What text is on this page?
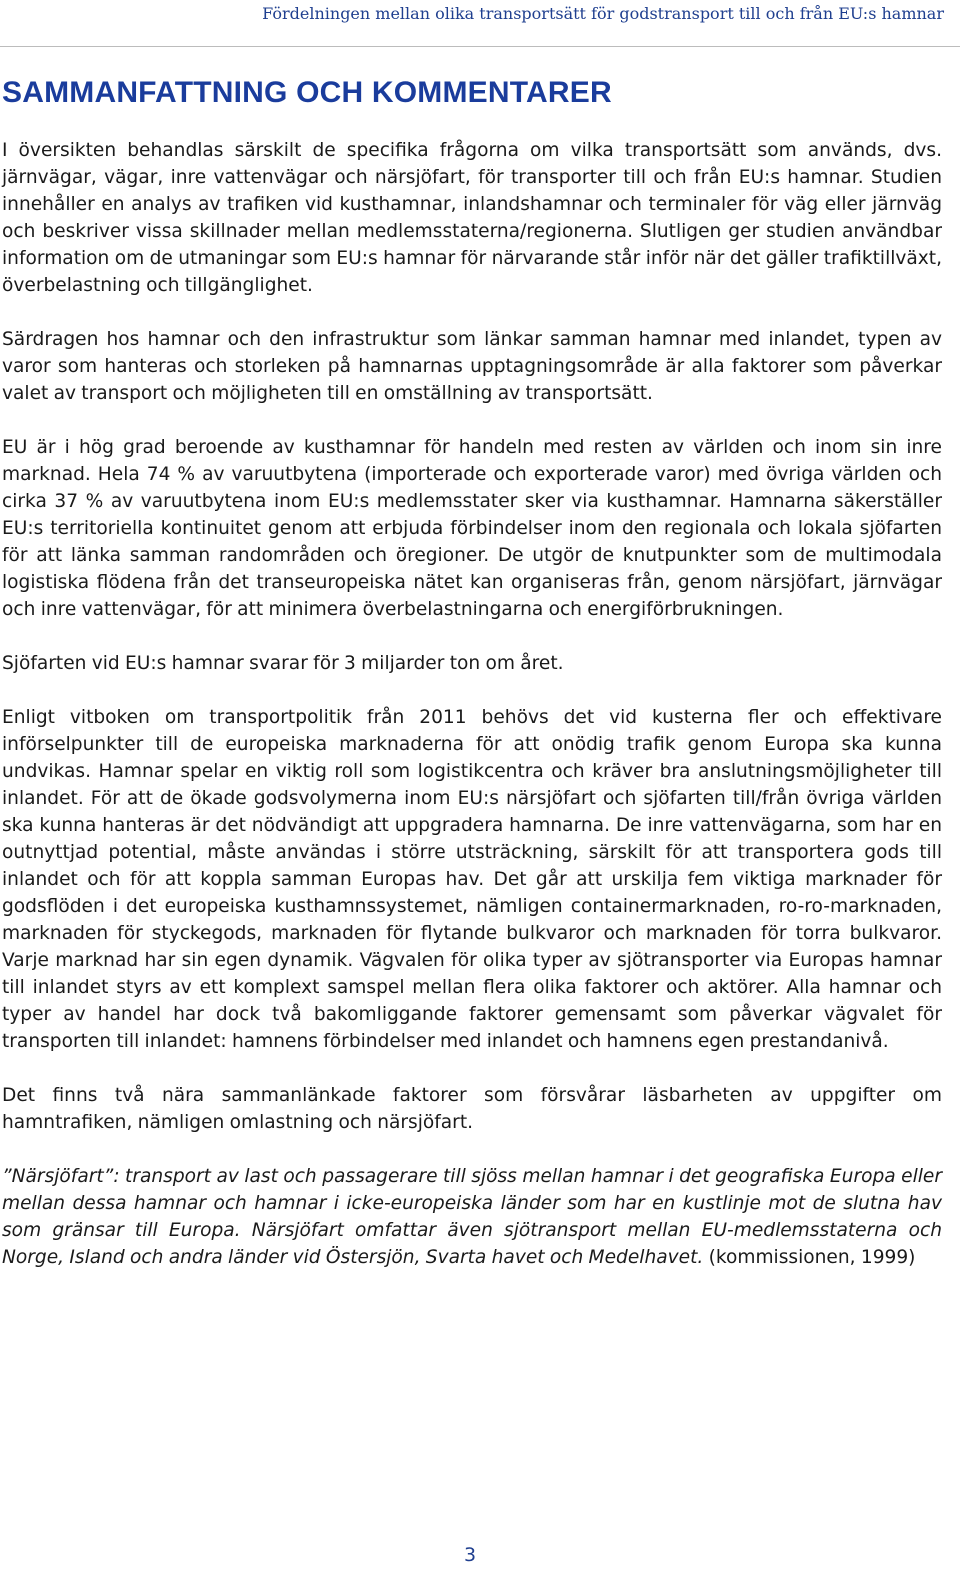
Fördelningen mellan olika transportsätt för godstransport till och från EU:s hamnar
SAMMANFATTNING OCH KOMMENTARER

I översikten behandlas särskilt de specifika frågorna om vilka transportsätt som används, dvs. järnvägar, vägar, inre vattenvägar och närsjöfart, för transporter till och från EU:s hamnar. Studien innehåller en analys av trafiken vid kusthamnar, inlandshamnar och terminaler för väg eller järnväg och beskriver vissa skillnader mellan medlemsstaterna/regionerna. Slutligen ger studien användbar information om de utmaningar som EU:s hamnar för närvarande står inför när det gäller trafiktillväxt, överbelastning och tillgänglighet.

Särdragen hos hamnar och den infrastruktur som länkar samman hamnar med inlandet, typen av varor som hanteras och storleken på hamnarnas upptagningsområde är alla faktorer som påverkar valet av transport och möjligheten till en omställning av transportsätt.

EU är i hög grad beroende av kusthamnar för handeln med resten av världen och inom sin inre marknad. Hela 74 % av varuutbytena (importerade och exporterade varor) med övriga världen och cirka 37 % av varuutbytena inom EU:s medlemsstater sker via kusthamnar. Hamnarna säkerställer EU:s territoriella kontinuitet genom att erbjuda förbindelser inom den regionala och lokala sjöfarten för att länka samman randområden och öregioner. De utgör de knutpunkter som de multimodala logistiska flödena från det transeuropeiska nätet kan organiseras från, genom närsjöfart, järnvägar och inre vattenvägar, för att minimera överbelastningarna och energiförbrukningen.

Sjöfarten vid EU:s hamnar svarar för 3 miljarder ton om året.

Enligt vitboken om transportpolitik från 2011 behövs det vid kusterna fler och effektivare införselpunkter till de europeiska marknaderna för att onödig trafik genom Europa ska kunna undvikas. Hamnar spelar en viktig roll som logistikcentra och kräver bra anslutningsmöjligheter till inlandet. För att de ökade godsvolymerna inom EU:s närsjöfart och sjöfarten till/från övriga världen ska kunna hanteras är det nödvändigt att uppgradera hamnarna. De inre vattenvägarna, som har en outnyttjad potential, måste användas i större utsträckning, särskilt för att transportera gods till inlandet och för att koppla samman Europas hav. Det går att urskilja fem viktiga marknader för godsflöden i det europeiska kusthamnssystemet, nämligen containermarknaden, ro-ro-marknaden, marknaden för styckegods, marknaden för flytande bulkvaror och marknaden för torra bulkvaror. Varje marknad har sin egen dynamik. Vägvalen för olika typer av sjötransporter via Europas hamnar till inlandet styrs av ett komplext samspel mellan flera olika faktorer och aktörer. Alla hamnar och typer av handel har dock två bakomliggande faktorer gemensamt som påverkar vägvalet för transporten till inlandet: hamnens förbindelser med inlandet och hamnens egen prestandanivå.

Det finns två nära sammanlänkade faktorer som försvårar läsbarheten av uppgifter om hamntrafiken, nämligen omlastning och närsjöfart.

”Närsjöfart”: transport av last och passagerare till sjöss mellan hamnar i det geografiska Europa eller mellan dessa hamnar och hamnar i icke-europeiska länder som har en kustlinje mot de slutna hav som gränsar till Europa. Närsjöfart omfattar även sjötransport mellan EU-medlemsstaterna och Norge, Island och andra länder vid Östersjön, Svarta havet och Medelhavet. (kommissionen, 1999)

3
